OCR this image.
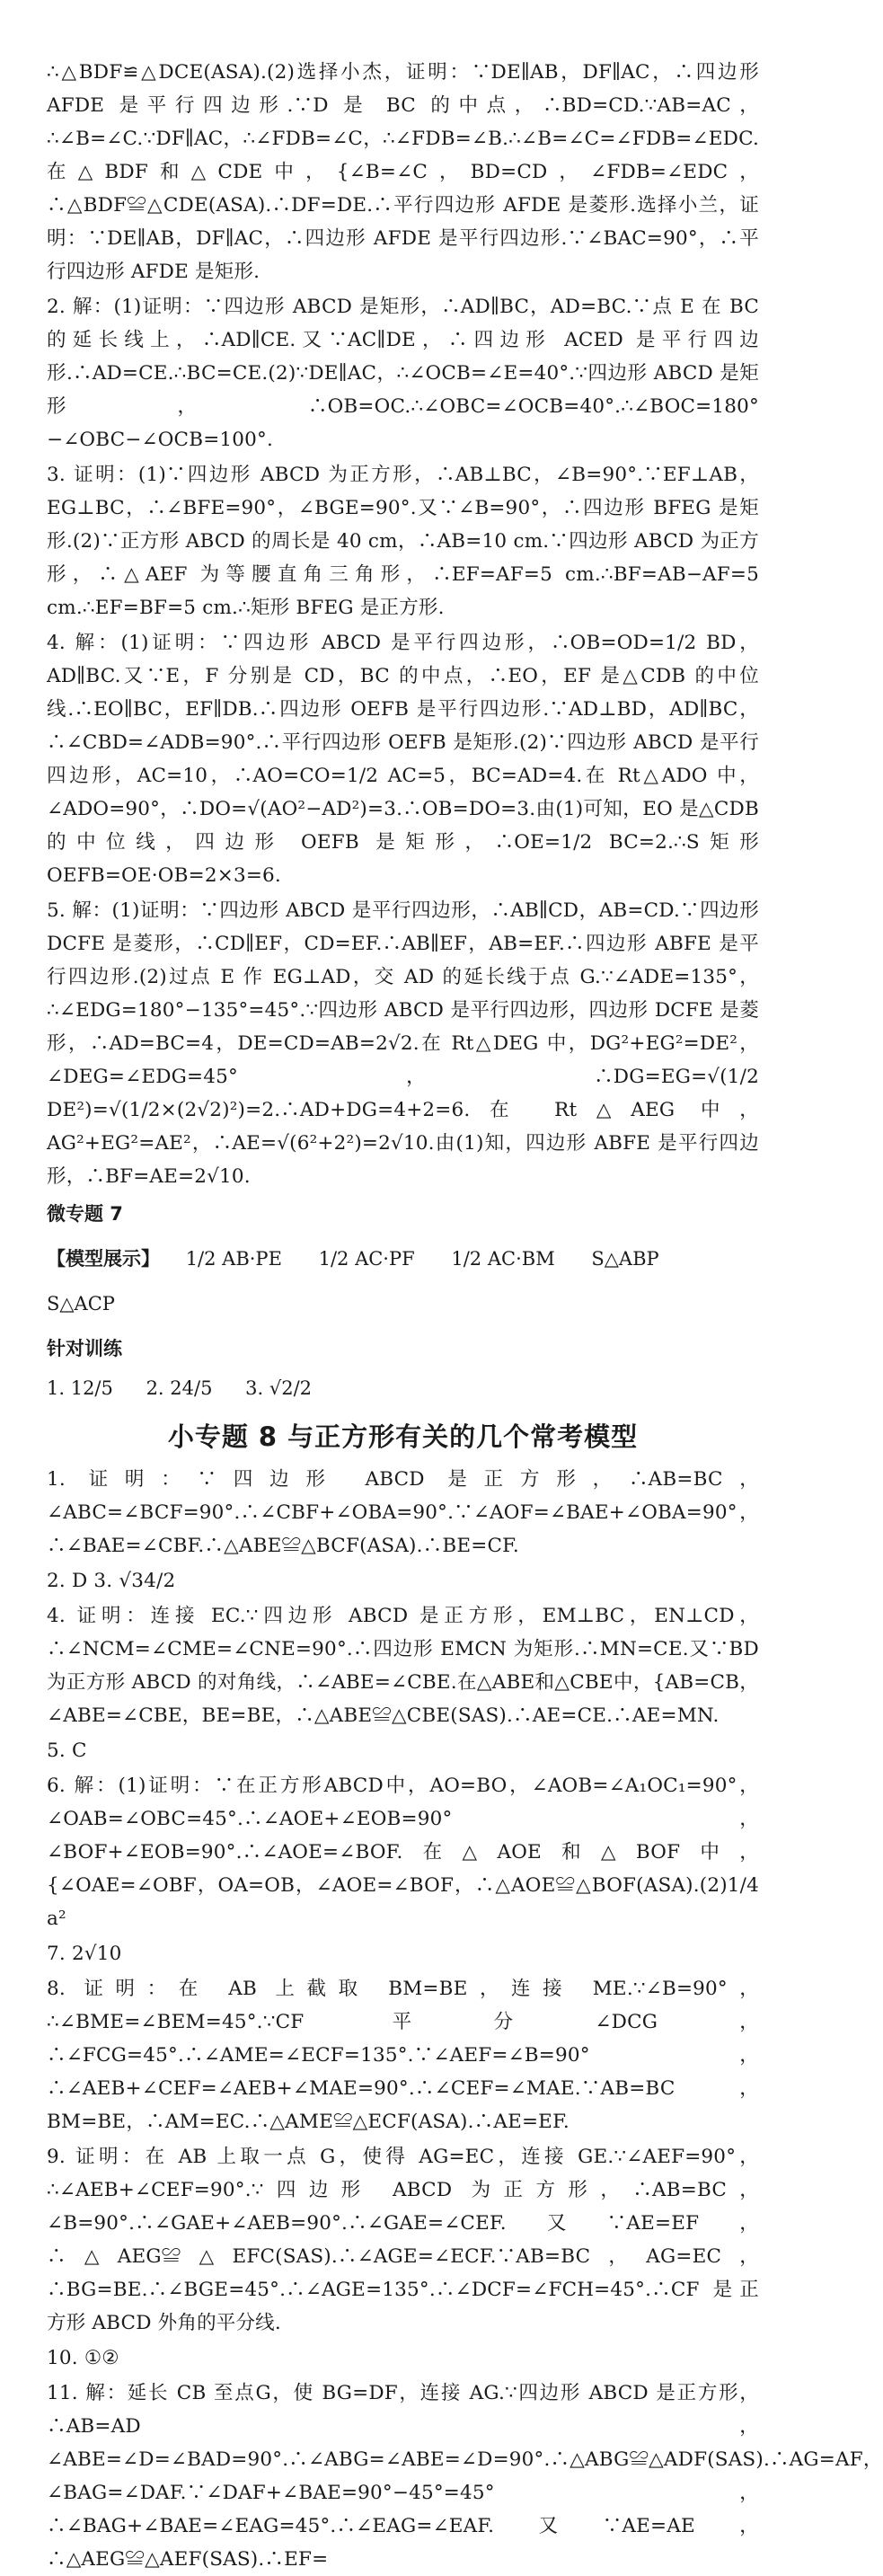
∴△BDF≌△DCE(ASA).(2)选择小杰，证明：∵DE∥AB，DF∥AC，∴四边形 AFDE 是平行四边形.∵D 是 BC 的中点，∴BD=CD.∵AB=AC，∴∠B=∠C.∵DF∥AC，∴∠FDB=∠C，∴∠FDB=∠B.∴∠B=∠C=∠FDB=∠EDC.在△BDF和△CDE中，{∠B=∠C，BD=CD，∠FDB=∠EDC，∴△BDF≌△CDE(ASA).∴DF=DE.∴平行四边形 AFDE 是菱形.选择小兰，证明：∵DE∥AB，DF∥AC，∴四边形 AFDE 是平行四边形.∵∠BAC=90°，∴平行四边形 AFDE 是矩形.

2. 解：(1)证明：∵四边形 ABCD 是矩形，∴AD∥BC，AD=BC.∵点 E 在 BC 的延长线上，∴AD∥CE.又∵AC∥DE，∴四边形 ACED 是平行四边形.∴AD=CE.∴BC=CE.(2)∵DE∥AC，∴∠OCB=∠E=40°.∵四边形 ABCD 是矩形，∴OB=OC.∴∠OBC=∠OCB=40°.∴∠BOC=180°−∠OBC−∠OCB=100°.

3. 证明：(1)∵四边形 ABCD 为正方形，∴AB⊥BC，∠B=90°.∵EF⊥AB，EG⊥BC，∴∠BFE=90°，∠BGE=90°.又∵∠B=90°，∴四边形 BFEG 是矩形.(2)∵正方形 ABCD 的周长是 40 cm，∴AB=10 cm.∵四边形 ABCD 为正方形，∴△AEF 为等腰直角三角形，∴EF=AF=5 cm.∴BF=AB−AF=5 cm.∴EF=BF=5 cm.∴矩形 BFEG 是正方形.

4. 解：(1)证明：∵四边形 ABCD 是平行四边形，∴OB=OD=1/2 BD，AD∥BC.又∵E，F 分别是 CD，BC 的中点，∴EO，EF 是△CDB 的中位线.∴EO∥BC，EF∥DB.∴四边形 OEFB 是平行四边形.∵AD⊥BD，AD∥BC，∴∠CBD=∠ADB=90°.∴平行四边形 OEFB 是矩形.(2)∵四边形 ABCD 是平行四边形，AC=10，∴AO=CO=1/2 AC=5，BC=AD=4.在 Rt△ADO 中，∠ADO=90°，∴DO=√(AO²−AD²)=3.∴OB=DO=3.由(1)可知，EO 是△CDB 的中位线，四边形 OEFB 是矩形，∴OE=1/2 BC=2.∴S矩形OEFB=OE·OB=2×3=6.

5. 解：(1)证明：∵四边形 ABCD 是平行四边形，∴AB∥CD，AB=CD.∵四边形 DCFE 是菱形，∴CD∥EF，CD=EF.∴AB∥EF，AB=EF.∴四边形 ABFE 是平行四边形.(2)过点 E 作 EG⊥AD，交 AD 的延长线于点 G.∵∠ADE=135°，∴∠EDG=180°−135°=45°.∵四边形 ABCD 是平行四边形，四边形 DCFE 是菱形，∴AD=BC=4，DE=CD=AB=2√2.在 Rt△DEG 中，DG²+EG²=DE²，∠DEG=∠EDG=45°，∴DG=EG=√(1/2 DE²)=√(1/2×(2√2)²)=2.∴AD+DG=4+2=6.在 Rt△AEG 中，AG²+EG²=AE²，∴AE=√(6²+2²)=2√10.由(1)知，四边形 ABFE 是平行四边形，∴BF=AE=2√10.

微专题 7
【模型展示】 1/2 AB·PE 1/2 AC·PF 1/2 AC·BM S△ABP S△ACP
针对训练
1. 12/5 2. 24/5 3. √2/2
小专题 8 与正方形有关的几个常考模型

1. 证明：∵四边形 ABCD 是正方形，∴AB=BC，∠ABC=∠BCF=90°.∴∠CBF+∠OBA=90°.∵∠AOF=∠BAE+∠OBA=90°，∴∠BAE=∠CBF.∴△ABE≌△BCF(ASA).∴BE=CF.

2. D 3. √34/2

4. 证明：连接 EC.∵四边形 ABCD 是正方形，EM⊥BC，EN⊥CD，∴∠NCM=∠CME=∠CNE=90°.∴四边形 EMCN 为矩形.∴MN=CE.又∵BD 为正方形 ABCD 的对角线，∴∠ABE=∠CBE.在△ABE和△CBE中，{AB=CB，∠ABE=∠CBE，BE=BE，∴△ABE≌△CBE(SAS).∴AE=CE.∴AE=MN.

5. C

6. 解：(1)证明：∵在正方形ABCD中，AO=BO，∠AOB=∠A₁OC₁=90°，∠OAB=∠OBC=45°.∴∠AOE+∠EOB=90°，∠BOF+∠EOB=90°.∴∠AOE=∠BOF.在△AOE和△BOF中，{∠OAE=∠OBF，OA=OB，∠AOE=∠BOF，∴△AOE≌△BOF(ASA).(2)1/4 a²

7. 2√10

8. 证明：在 AB 上截取 BM=BE，连接 ME.∵∠B=90°，∴∠BME=∠BEM=45°.∵CF 平分∠DCG，∴∠FCG=45°.∴∠AME=∠ECF=135°.∵∠AEF=∠B=90°，∴∠AEB+∠CEF=∠AEB+∠MAE=90°.∴∠CEF=∠MAE.∵AB=BC，BM=BE，∴AM=EC.∴△AME≌△ECF(ASA).∴AE=EF.

9. 证明：在 AB 上取一点 G，使得 AG=EC，连接 GE.∵∠AEF=90°，∴∠AEB+∠CEF=90°.∵四边形 ABCD 为正方形，∴AB=BC，∠B=90°.∴∠GAE+∠AEB=90°.∴∠GAE=∠CEF.又∵AE=EF，∴△AEG≌△EFC(SAS).∴∠AGE=∠ECF.∵AB=BC，AG=EC，∴BG=BE.∴∠BGE=45°.∴∠AGE=135°.∴∠DCF=∠FCH=45°.∴CF 是正方形 ABCD 外角的平分线.

10. ①②

11. 解：延长 CB 至点G，使 BG=DF，连接 AG.∵四边形 ABCD 是正方形，∴AB=AD，∠ABE=∠D=∠BAD=90°.∴∠ABG=∠ABE=∠D=90°.∴△ABG≌△ADF(SAS).∴AG=AF，∠BAG=∠DAF.∵∠DAF+∠BAE=90°−45°=45°，∴∠BAG+∠BAE=∠EAG=45°.∴∠EAG=∠EAF.又∵AE=AE，∴△AEG≌△AEF(SAS).∴EF=
